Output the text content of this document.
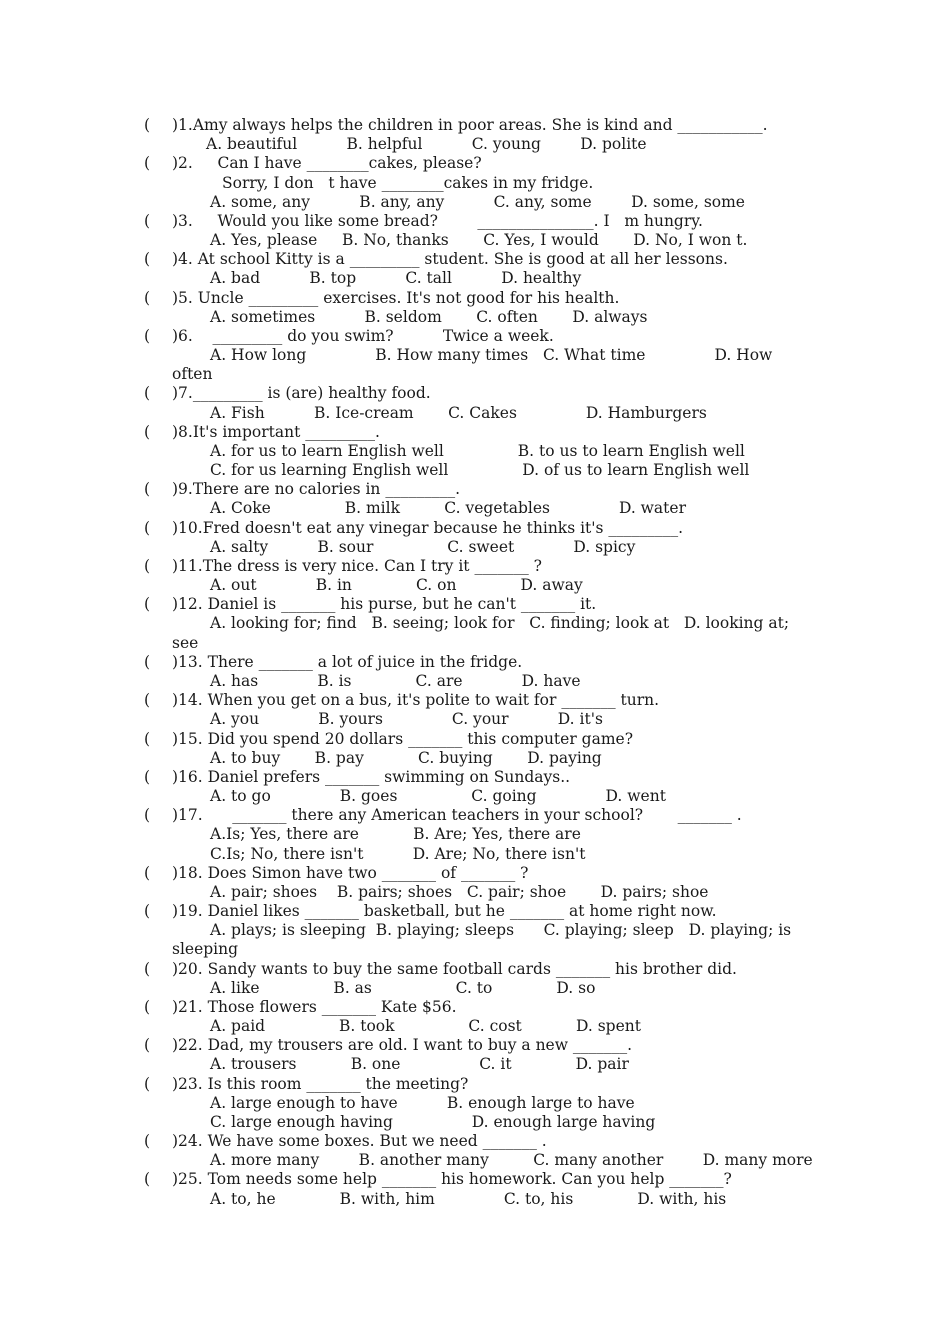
( )1.Amy always helps the children in poor areas. She is kind and ___________.
A. beautiful          B. helpful          C. young        D. polite
( )2.     Can I have ________cakes, please?
Sorry, I don   t have ________cakes in my fridge.
A. some, any          B. any, any          C. any, some        D. some, some
( )3.     Would you like some bread?        _______________. I   m hungry.
A. Yes, please     B. No, thanks       C. Yes, I would       D. No, I won t.
( )4. At school Kitty is a _________ student. She is good at all her lessons.
A. bad          B. top          C. tall          D. healthy
( )5. Uncle _________ exercises. It's not good for his health.
A. sometimes          B. seldom       C. often       D. always
( )6.    _________ do you swim?          Twice a week.
A. How long              B. How many times   C. What time              D. How
often
( )7._________ is (are) healthy food.
A. Fish          B. Ice-cream       C. Cakes              D. Hamburgers
( )8.It's important _________.
A. for us to learn English well               B. to us to learn English well
C. for us learning English well               D. of us to learn English well
( )9.There are no calories in _________.
A. Coke               B. milk         C. vegetables              D. water
( )10.Fred doesn't eat any vinegar because he thinks it's _________.
A. salty          B. sour               C. sweet            D. spicy
( )11.The dress is very nice. Can I try it _______ ?
A. out            B. in             C. on             D. away
( )12. Daniel is _______ his purse, but he can't _______ it.
A. looking for; find   B. seeing; look for   C. finding; look at   D. looking at;
see
( )13. There _______ a lot of juice in the fridge.
A. has            B. is             C. are            D. have
( )14. When you get on a bus, it's polite to wait for _______ turn.
A. you            B. yours              C. your          D. it's
( )15. Did you spend 20 dollars _______ this computer game?
A. to buy       B. pay           C. buying       D. paying
( )16. Daniel prefers _______ swimming on Sundays..
A. to go              B. goes               C. going              D. went
( )17.      _______ there any American teachers in your school?       _______ .
A.Is; Yes, there are           B. Are; Yes, there are
C.Is; No, there isn't          D. Are; No, there isn't
( )18. Does Simon have two _______ of _______ ?
A. pair; shoes    B. pairs; shoes   C. pair; shoe       D. pairs; shoe
( )19. Daniel likes _______ basketball, but he _______ at home right now.
A. plays; is sleeping  B. playing; sleeps      C. playing; sleep   D. playing; is
sleeping
( )20. Sandy wants to buy the same football cards _______ his brother did.
A. like               B. as                 C. to             D. so
( )21. Those flowers _______ Kate $56.
A. paid               B. took               C. cost           D. spent
( )22. Dad, my trousers are old. I want to buy a new _______.
A. trousers           B. one                C. it             D. pair
( )23. Is this room _______ the meeting?
A. large enough to have          B. enough large to have
C. large enough having                D. enough large having
( )24. We have some boxes. But we need _______ .
A. more many        B. another many         C. many another        D. many more
( )25. Tom needs some help _______ his homework. Can you help _______?
A. to, he             B. with, him              C. to, his             D. with, his
